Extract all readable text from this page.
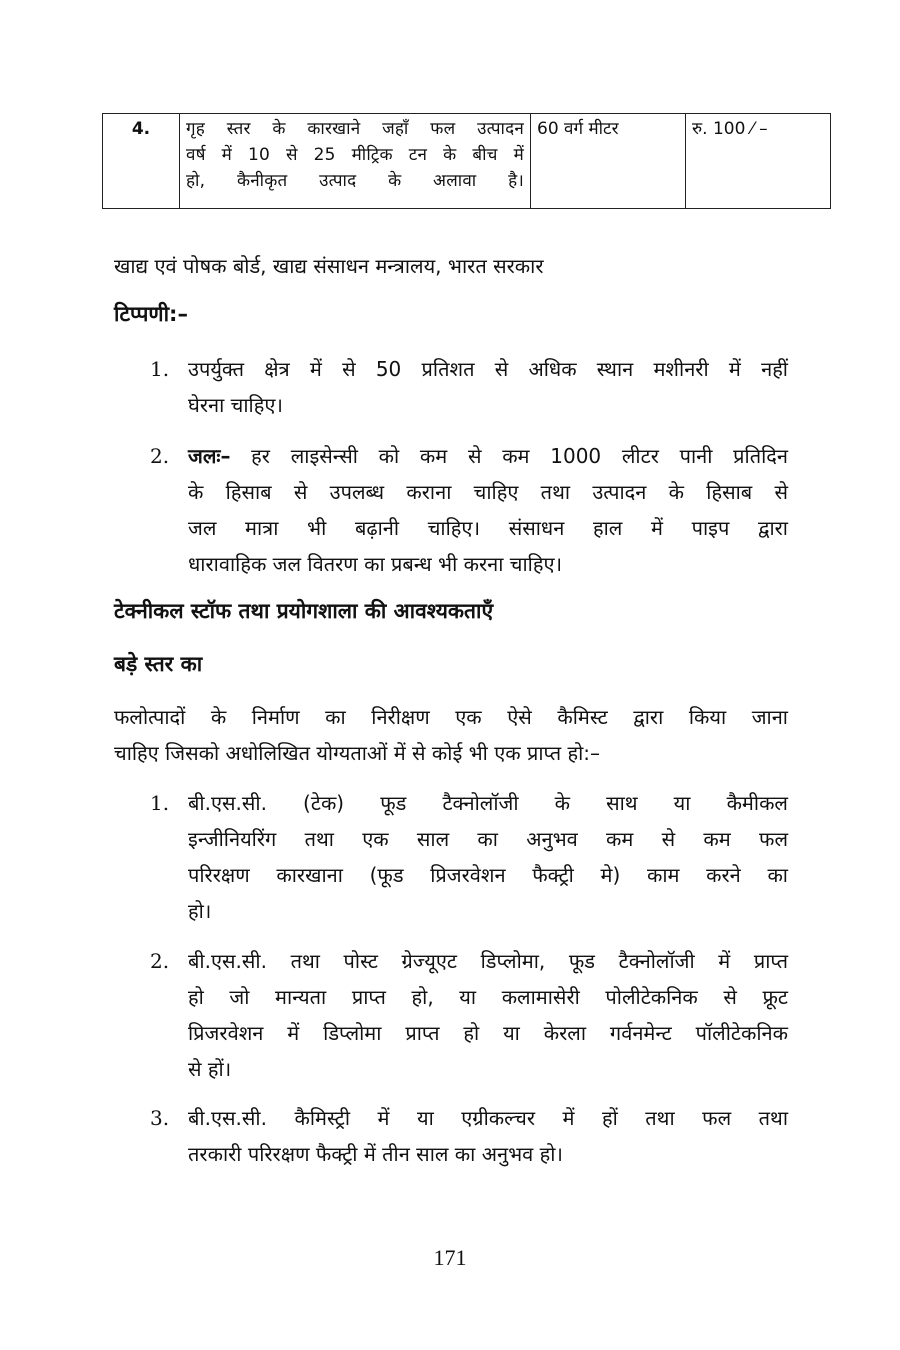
4.	गृह स्तर के कारखाने जहाँ फल उत्पादन
वर्ष में 10 से 25 मीट्रिक टन के बीच में
हो, कैनीकृत उत्पाद के अलावा है।
	60 वर्ग मीटर	रु. 100 ⁄ –
खाद्य एवं पोषक बोर्ड, खाद्य संसाधन मन्त्रालय, भारत सरकार
टिप्पणी:–
1. उपर्युक्त क्षेत्र में से 50 प्रतिशत से अधिक स्थान मशीनरी में नहीं
घेरना चाहिए।
2. जलः– हर लाइसेन्सी को कम से कम 1000 लीटर पानी प्रतिदिन
के हिसाब से उपलब्ध कराना चाहिए तथा उत्पादन के हिसाब से
जल मात्रा भी बढ़ानी चाहिए। संसाधन हाल में पाइप द्वारा
धारावाहिक जल वितरण का प्रबन्ध भी करना चाहिए।
टेक्नीकल स्टॉफ तथा प्रयोगशाला की आवश्यकताएँ
बड़े स्तर का
फलोत्पादों के निर्माण का निरीक्षण एक ऐसे कैमिस्ट द्वारा किया जाना
चाहिए जिसको अधोलिखित योग्यताओं में से कोई भी एक प्राप्त हो:–
1. बी.एस.सी. (टेक) फूड टैक्नोलॉजी के साथ या कैमीकल
इन्जीनियरिंग तथा एक साल का अनुभव कम से कम फल
परिरक्षण कारखाना (फूड प्रिजरवेशन फैक्ट्री मे) काम करने का
हो।
2. बी.एस.सी. तथा पोस्ट ग्रेज्यूएट डिप्लोमा, फूड टैक्नोलॉजी में प्राप्त
हो जो मान्यता प्राप्त हो, या कलामासेरी पोलीटेकनिक से फ्रूट
प्रिजरवेशन में डिप्लोमा प्राप्त हो या केरला गर्वनमेन्ट पॉलीटेकनिक
से हों।
3. बी.एस.सी. कैमिस्ट्री में या एग्रीकल्चर में हों तथा फल तथा
तरकारी परिरक्षण फैक्ट्री में तीन साल का अनुभव हो।
171
